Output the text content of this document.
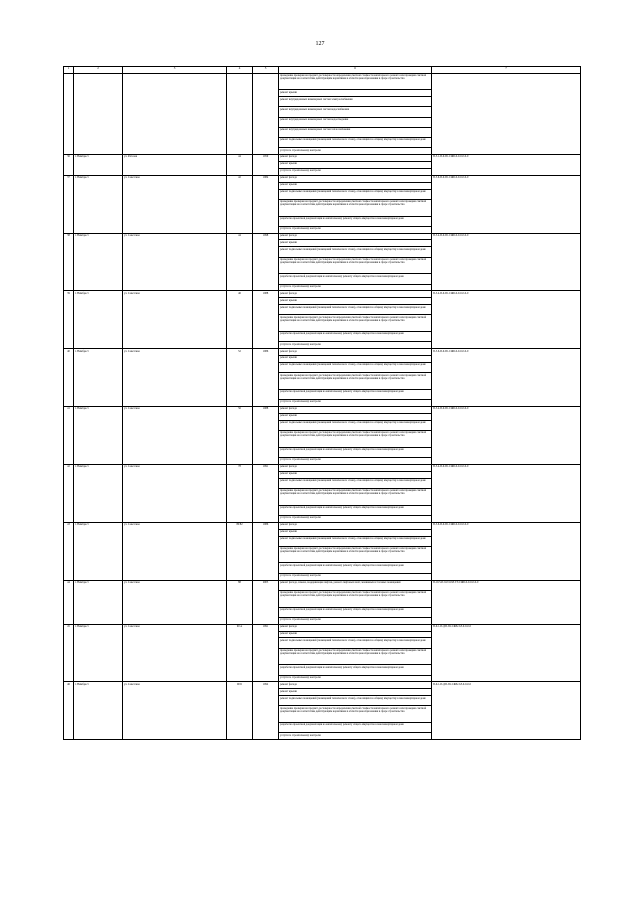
127
1	2	3	4	5	6	7
					проведение проверки на предмет достоверности определения сметной стоимости капитального ремонта или проверки сметной документации на соответствие действующим нормативам в области ценообразования в сфере строительства	
					ремонт крыши	
					ремонт внутридомовых инженерных систем электроснабжения	
					ремонт внутридомовых инженерных систем водоснабжения	
					ремонт внутридомовых инженерных систем водоотведения	
					ремонт внутридомовых инженерных систем теплоснабжения	
					ремонт подвальных помещений (помещений технического этажа), относящихся к общему имуществу в многоквартирном доме	
					услуги по строительному контролю	
36	г. Нижбрест	ул. Рабочая	44	1959	ремонт фасада	П-5.1-П-9-П1.СЖБ-0-0-0-0-0-0
					ремонт крыши	
					услуги по строительному контролю	
37	г. Нижбрест	ул. Советская	42	1984	ремонт фасада	П-5.6-П-9-П1.СЖБ-0-9-0-0-0-0
					ремонт крыши	
					ремонт подвальных помещений (помещений технического этажа), относящихся к общему имуществу в многоквартирном доме	
					проведение проверки на предмет достоверности определения сметной стоимости капитального ремонта или проверки сметной документации на соответствие действующим нормативам в области ценообразования в сфере строительства	
					разработка проектной документации на капитальному ремонту общего имущества в многоквартирном доме	
					услуги по строительному контролю	
38	г. Нижбрест	ул. Советская	44	1998	ремонт фасада	П-5.4-П-9-П1.СЖБ-0-9-0-0-0-0
					ремонт крыши	
					ремонт подвальных помещений (помещений технического этажа), относящихся к общему имуществу в многоквартирном доме	
					проведение проверки на предмет достоверности определения сметной стоимости капитального ремонта или проверки сметной документации на соответствие действующим нормативам в области ценообразования в сфере строительства	
					разработка проектной документации на капитальному ремонту общего имущества в многоквартирном доме	
					услуги по строительному контролю	
39	г. Нижбрест	ул. Советская	46	1988	ремонт фасада	П-5.4-П-9-П1.СЖБ-0-9-0-0-0-0
					ремонт крыши	
					ремонт подвальных помещений (помещений технического этажа), относящихся к общему имуществу в многоквартирном доме	
					проведение проверки на предмет достоверности определения сметной стоимости капитального ремонта или проверки сметной документации на соответствие действующим нормативам в области ценообразования в сфере строительства	
					разработка проектной документации на капитальному ремонту общего имущества в многоквартирном доме	
					услуги по строительному контролю	
40	г. Нижбрест	ул. Советская	52	1986	ремонт фасада	П-5.6-П-9-П1.СЖБ-0-9-0-0-0-0
					ремонт крыши	
					ремонт подвальных помещений (помещений технического этажа), относящихся к общему имуществу в многоквартирном доме	
					проведение проверки на предмет достоверности определения сметной стоимости капитального ремонта или проверки сметной документации на соответствие действующим нормативам в области ценообразования в сфере строительства	
					разработка проектной документации на капитальному ремонту общего имущества в многоквартирном доме	
					услуги по строительному контролю	
41	г. Нижбрест	ул. Советская	56	1988	ремонт фасада	П-5.4-П-9-П1.СЖБ-0-9-0-0-0-0
					ремонт крыши	
					ремонт подвальных помещений (помещений технического этажа), относящихся к общему имуществу в многоквартирном доме	
					проведение проверки на предмет достоверности определения сметной стоимости капитального ремонта или проверки сметной документации на соответствие действующим нормативам в области ценообразования в сфере строительства	
					разработка проектной документации на капитальному ремонту общего имущества в многоквартирном доме	
					услуги по строительному контролю	
42	г. Нижбрест	ул. Советская	78	1991	ремонт фасада	П-5.4-П-9-П1.СЖБ-0-9-0-0-0-0
					ремонт крыши	
					ремонт подвальных помещений (помещений технического этажа), относящихся к общему имуществу в многоквартирном доме	
					проведение проверки на предмет достоверности определения сметной стоимости капитального ремонта или проверки сметной документации на соответствие действующим нормативам в области ценообразования в сфере строительства	
					разработка проектной документации на капитальному ремонту общего имущества в многоквартирном доме	
					услуги по строительному контролю	
43	г. Нижбрест	ул. Советская	80/82	1986	ремонт фасада	П-5.6-П-9-П1.СЖБ-0-9-0-0-0-0
					ремонт крыши	
					ремонт подвальных помещений (помещений технического этажа), относящихся к общему имуществу в многоквартирном доме	
					проведение проверки на предмет достоверности определения сметной стоимости капитального ремонта или проверки сметной документации на соответствие действующим нормативам в области ценообразования в сфере строительства	
					разработка проектной документации на капитальному ремонту общего имущества в многоквартирном доме	
					услуги по строительному контролю	
44	г. Нижбрест	ул. Советская	88	2005	ремонт фасада, замена, модернизация лифтов, ремонт лифтовых шахт, машинных и блочных помещений	П-10.5-П-9-П1.ПЛ.ГЭ-СЖБ-0-0-0-0-0-0
					проведение проверки на предмет достоверности определения сметной стоимости капитального ремонта или проверки сметной документации на соответствие действующим нормативам в области ценообразования в сфере строительства	
					разработка проектной документации на капитальному ремонту общего имущества в многоквартирном доме	
					услуги по строительному контролю	
45	г. Нижбрест	ул. Советская	90 А	1991	ремонт фасада	П-9-1-П-ДП-П1.СЖБ-3-8-0-0-0-0
					ремонт крыши	
					ремонт подвальных помещений (помещений технического этажа), относящихся к общему имуществу в многоквартирном доме	
					проведение проверки на предмет достоверности определения сметной стоимости капитального ремонта или проверки сметной документации на соответствие действующим нормативам в области ценообразования в сфере строительства	
					разработка проектной документации на капитальному ремонту общего имущества в многоквартирном доме	
					услуги по строительному контролю	
46	г. Нижбрест	ул. Советская	90 Б	1992	ремонт фасада	П-9-1-П-ДП-П1.СЖБ-3-8-0-0-0-0
					ремонт крыши	
					ремонт подвальных помещений (помещений технического этажа), относящихся к общему имуществу в многоквартирном доме	
					проведение проверки на предмет достоверности определения сметной стоимости капитального ремонта или проверки сметной документации на соответствие действующим нормативам в области ценообразования в сфере строительства	
					разработка проектной документации на капитальному ремонту общего имущества в многоквартирном доме	
					услуги по строительному контролю	
